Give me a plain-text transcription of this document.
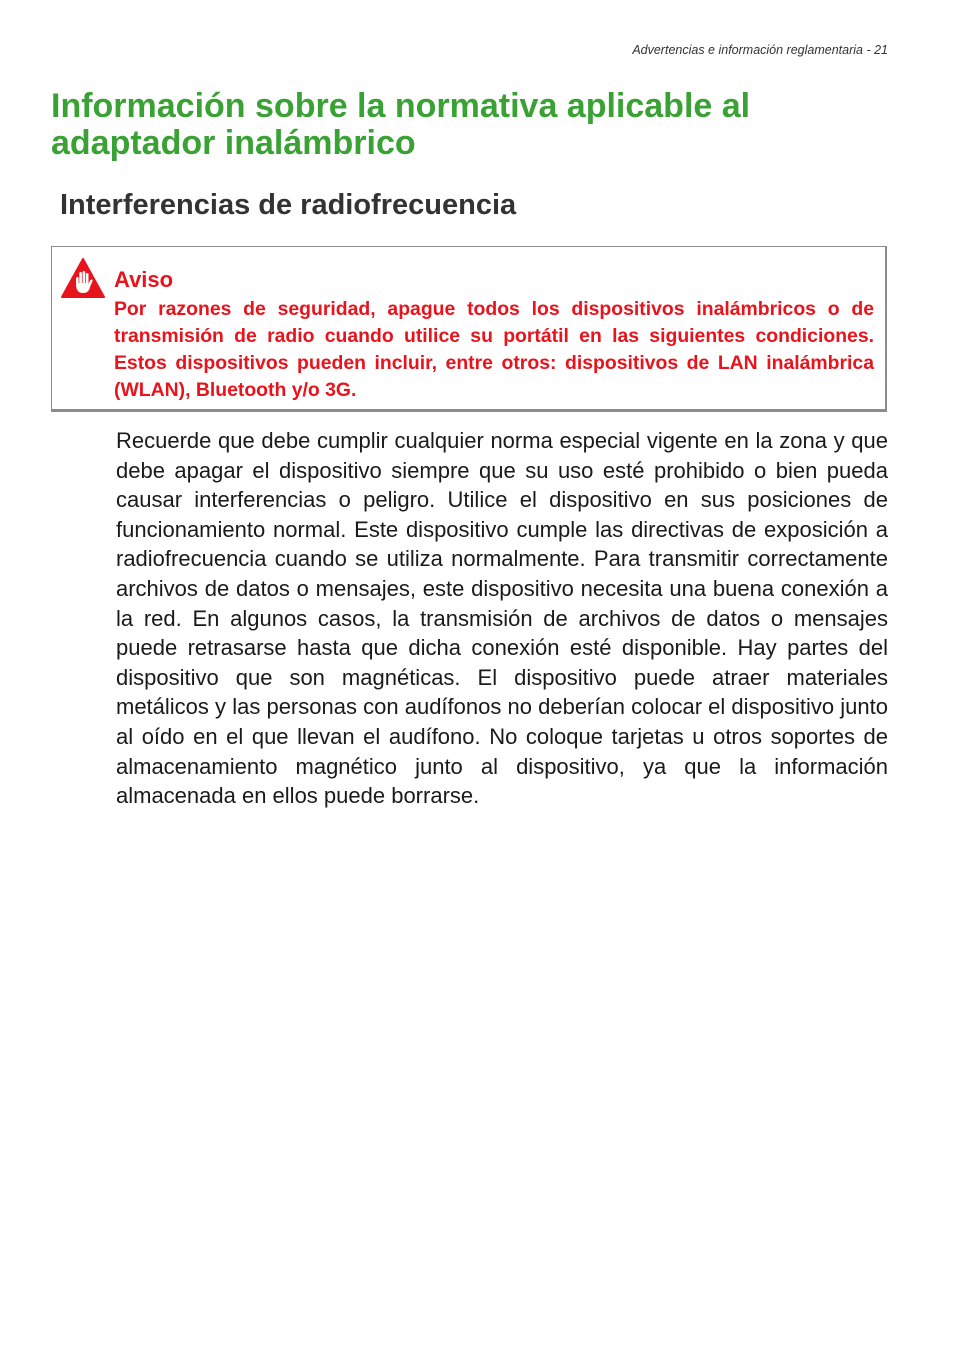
Advertencias e información reglamentaria - 21
Información sobre la normativa aplicable al adaptador inalámbrico
Interferencias de radiofrecuencia
Aviso

Por razones de seguridad, apague todos los dispositivos inalámbricos o de transmisión de radio cuando utilice su portátil en las siguientes condiciones. Estos dispositivos pueden incluir, entre otros: dispositivos de LAN inalámbrica (WLAN), Bluetooth y/o 3G.

Recuerde que debe cumplir cualquier norma especial vigente en la zona y que debe apagar el dispositivo siempre que su uso esté prohibido o bien pueda causar interferencias o peligro. Utilice el dispositivo en sus posiciones de funcionamiento normal. Este dispositivo cumple las directivas de exposición a radiofrecuencia cuando se utiliza normalmente. Para transmitir correctamente archivos de datos o mensajes, este dispositivo necesita una buena conexión a la red. En algunos casos, la transmisión de archivos de datos o mensajes puede retrasarse hasta que dicha conexión esté disponible. Hay partes del dispositivo que son magnéticas. El dispositivo puede atraer materiales metálicos y las personas con audífonos no deberían colocar el dispositivo junto al oído en el que llevan el audífono. No coloque tarjetas u otros soportes de almacenamiento magnético junto al dispositivo, ya que la información almacenada en ellos puede borrarse.
